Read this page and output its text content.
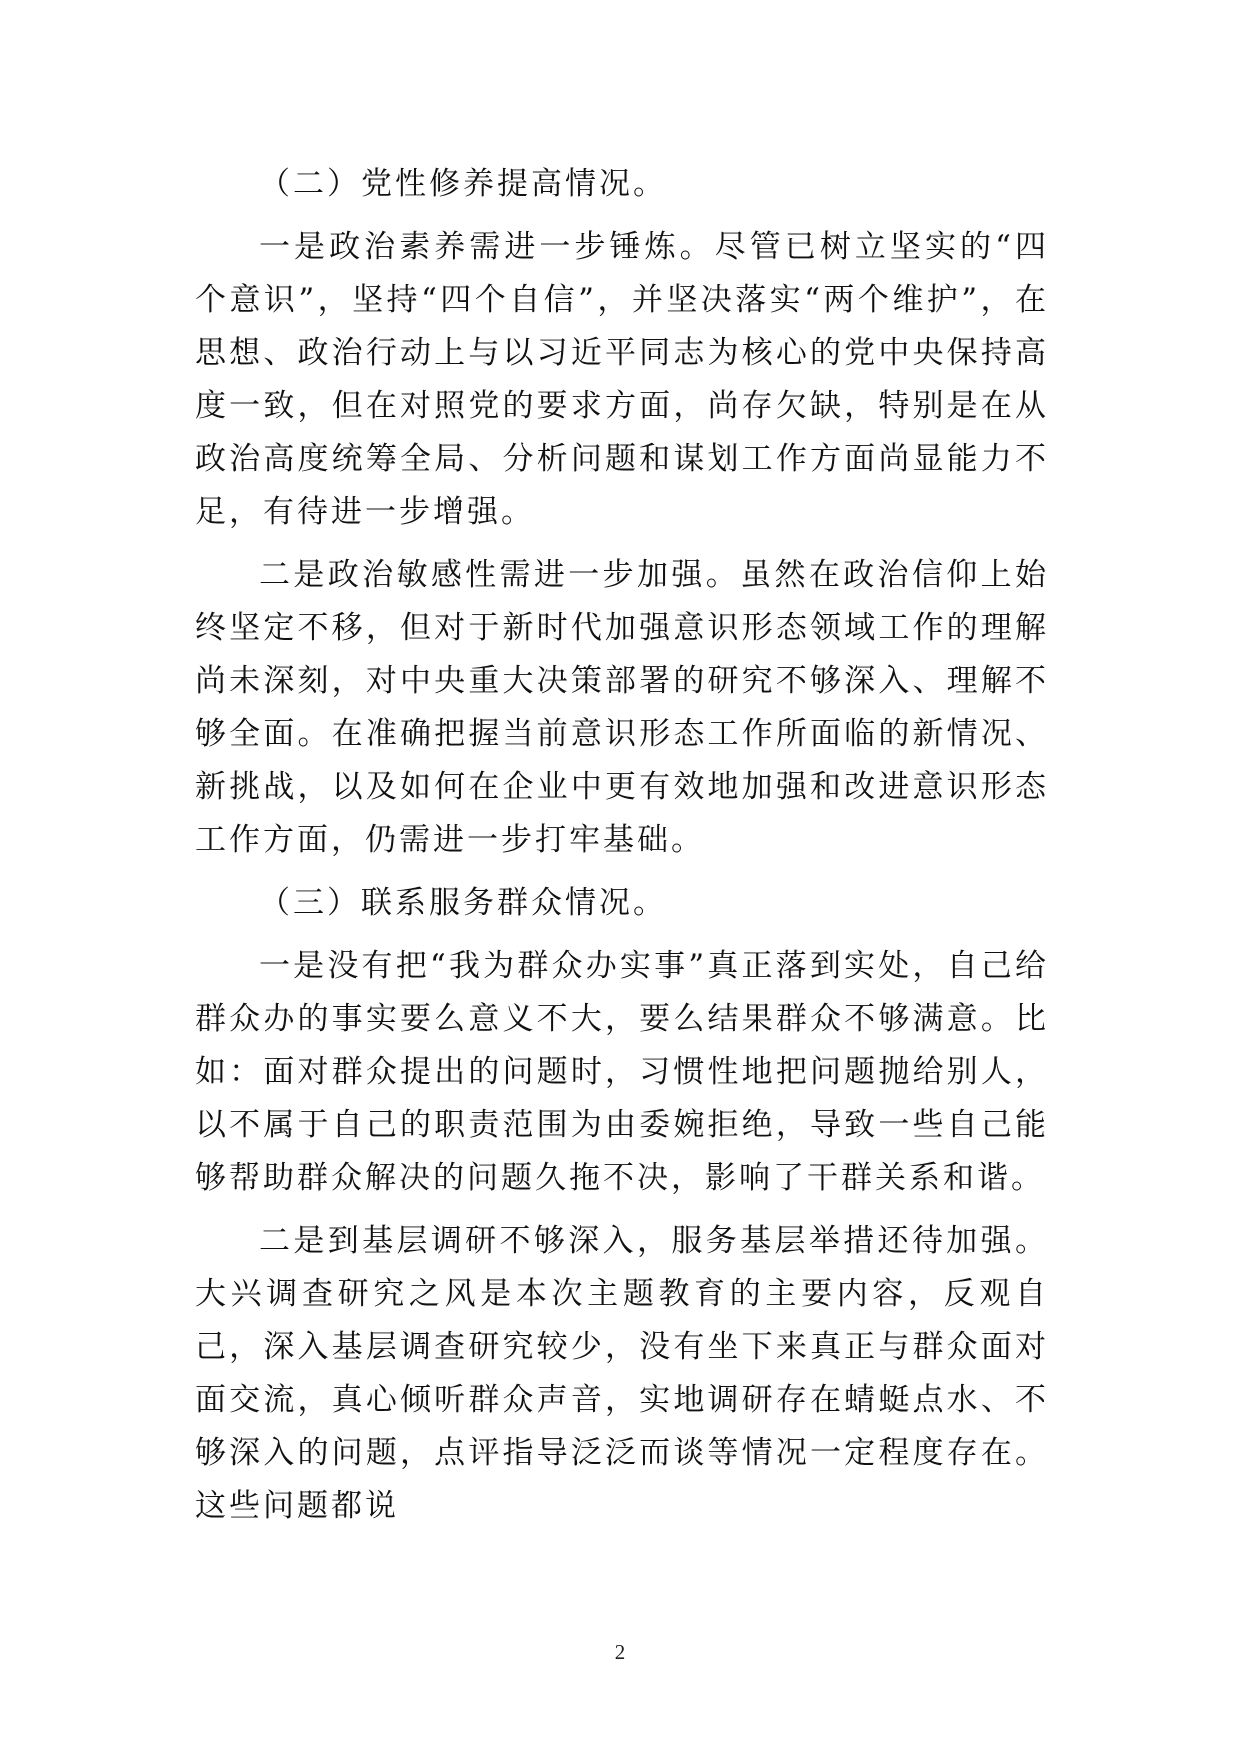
（二）党性修养提高情况。

一是政治素养需进一步锤炼。尽管已树立坚实的“四个意识”，坚持“四个自信”，并坚决落实“两个维护”，在思想、政治行动上与以习近平同志为核心的党中央保持高度一致，但在对照党的要求方面，尚存欠缺，特别是在从政治高度统筹全局、分析问题和谋划工作方面尚显能力不足，有待进一步增强。

二是政治敏感性需进一步加强。虽然在政治信仰上始终坚定不移，但对于新时代加强意识形态领域工作的理解尚未深刻，对中央重大决策部署的研究不够深入、理解不够全面。在准确把握当前意识形态工作所面临的新情况、新挑战，以及如何在企业中更有效地加强和改进意识形态工作方面，仍需进一步打牢基础。

（三）联系服务群众情况。

一是没有把“我为群众办实事”真正落到实处，自己给群众办的事实要么意义不大，要么结果群众不够满意。比如：面对群众提出的问题时，习惯性地把问题抛给别人，以不属于自己的职责范围为由委婉拒绝，导致一些自己能够帮助群众解决的问题久拖不决，影响了干群关系和谐。

二是到基层调研不够深入，服务基层举措还待加强。大兴调查研究之风是本次主题教育的主要内容，反观自己，深入基层调查研究较少，没有坐下来真正与群众面对面交流，真心倾听群众声音，实地调研存在蜻蜓点水、不够深入的问题，点评指导泛泛而谈等情况一定程度存在。这些问题都说

2
